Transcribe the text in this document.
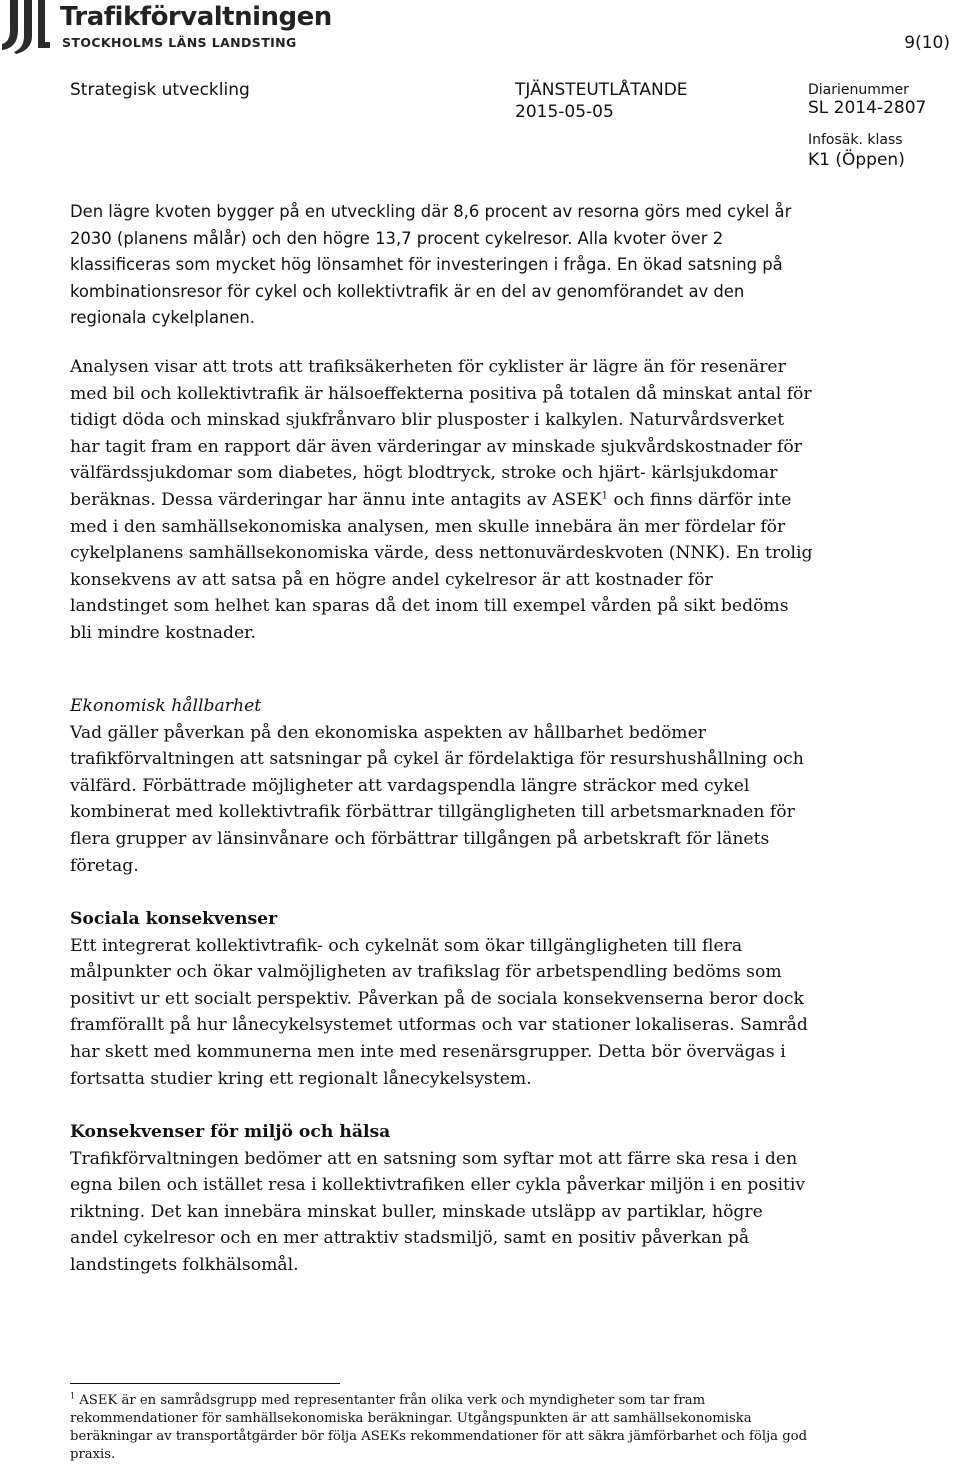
Trafikförvaltningen
STOCKHOLMS LÄNS LANDSTING	9(10)
Strategisk utveckling	TJÄNSTEUTLÅTANDE
2015-05-05
Diarienummer
SL 2014-2807
Infosäk. klass
K1 (Öppen)

Den lägre kvoten bygger på en utveckling där 8,6 procent av resorna görs med cykel år 2030 (planens målår) och den högre 13,7 procent cykelresor. Alla kvoter över 2 klassificeras som mycket hög lönsamhet för investeringen i fråga. En ökad satsning på kombinationsresor för cykel och kollektivtrafik är en del av genomförandet av den regionala cykelplanen.

Analysen visar att trots att trafiksäkerheten för cyklister är lägre än för resenärer med bil och kollektivtrafik är hälsoeffekterna positiva på totalen då minskat antal för tidigt döda och minskad sjukfrånvaro blir plusposter i kalkylen. Naturvårdsverket har tagit fram en rapport där även värderingar av minskade sjukvårdskostnader för välfärdssjukdomar som diabetes, högt blodtryck, stroke och hjärt- kärlsjukdomar beräknas. Dessa värderingar har ännu inte antagits av ASEK$^1$ och finns därför inte med i den samhällsekonomiska analysen, men skulle innebära än mer fördelar för cykelplanens samhällsekonomiska värde, dess nettonuvärdeskvoten (NNK). En trolig konsekvens av att satsa på en högre andel cykelresor är att kostnader för landstinget som helhet kan sparas då det inom till exempel vården på sikt bedöms bli mindre kostnader.

Ekonomisk hållbarhet

Vad gäller påverkan på den ekonomiska aspekten av hållbarhet bedömer trafikförvaltningen att satsningar på cykel är fördelaktiga för resurshushållning och välfärd. Förbättrade möjligheter att vardagspendla längre sträckor med cykel kombinerat med kollektivtrafik förbättrar tillgängligheten till arbetsmarknaden för flera grupper av länsinvånare och förbättrar tillgången på arbetskraft för länets företag.

Sociala konsekvenser

Ett integrerat kollektivtrafik- och cykelnät som ökar tillgängligheten till flera målpunkter och ökar valmöjligheten av trafikslag för arbetspendling bedöms som positivt ur ett socialt perspektiv. Påverkan på de sociala konsekvenserna beror dock framförallt på hur lånecykelsystemet utformas och var stationer lokaliseras. Samråd har skett med kommunerna men inte med resenärsgrupper. Detta bör övervägas i fortsatta studier kring ett regionalt lånecykelsystem.

Konsekvenser för miljö och hälsa

Trafikförvaltningen bedömer att en satsning som syftar mot att färre ska resa i den egna bilen och istället resa i kollektivtrafiken eller cykla påverkar miljön i en positiv riktning. Det kan innebära minskat buller, minskade utsläpp av partiklar, högre andel cykelresor och en mer attraktiv stadsmiljö, samt en positiv påverkan på landstingets folkhälsomål.

$^1$ ASEK är en samrådsgrupp med representanter från olika verk och myndigheter som tar fram rekommendationer för samhällsekonomiska beräkningar. Utgångspunkten är att samhällsekonomiska beräkningar av transportåtgärder bör följa ASEKs rekommendationer för att säkra jämförbarhet och följa god praxis.
